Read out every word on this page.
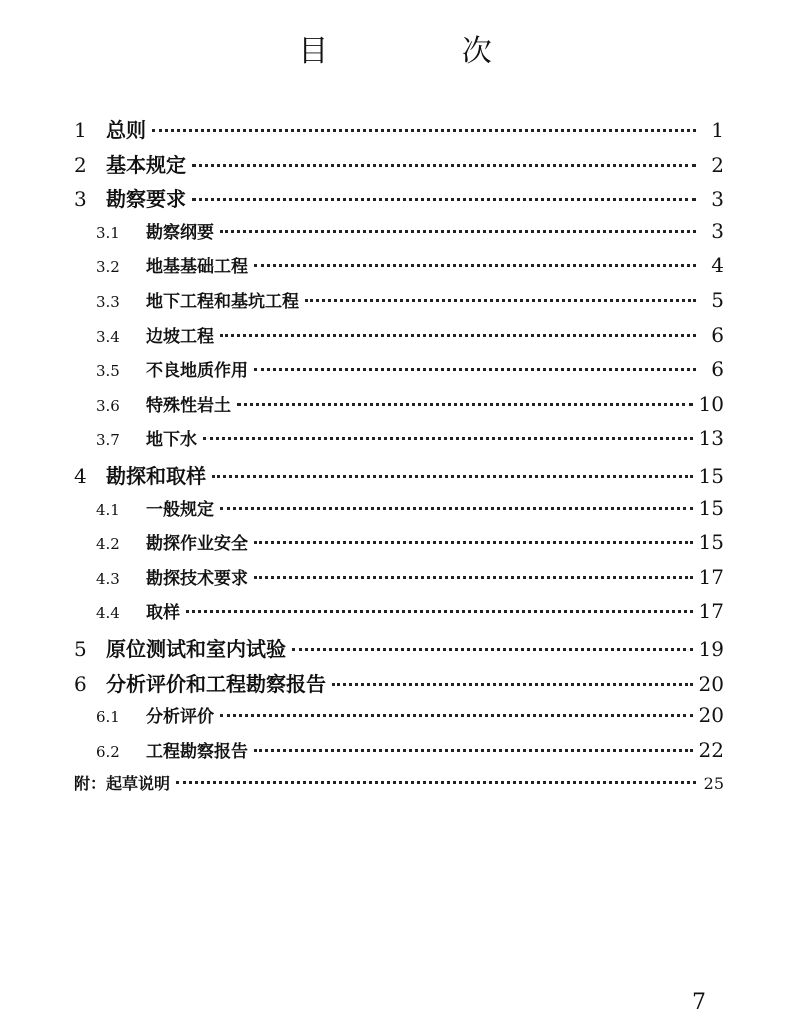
目 次
1 总则	1
2 基本规定	2
3 勘察要求	3
3.1	勘察纲要	3
3.2	地基基础工程	4
3.3	地下工程和基坑工程	5
3.4	边坡工程	6
3.5	不良地质作用	6
3.6	特殊性岩土	10
3.7	地下水	13
4 勘探和取样	15
4.1	一般规定	15
4.2	勘探作业安全	15
4.3	勘探技术要求	17
4.4	取样	17
5 原位测试和室内试验	19
6 分析评价和工程勘察报告	20
6.1	分析评价	20
6.2	工程勘察报告	22
附：起草说明	25
7
